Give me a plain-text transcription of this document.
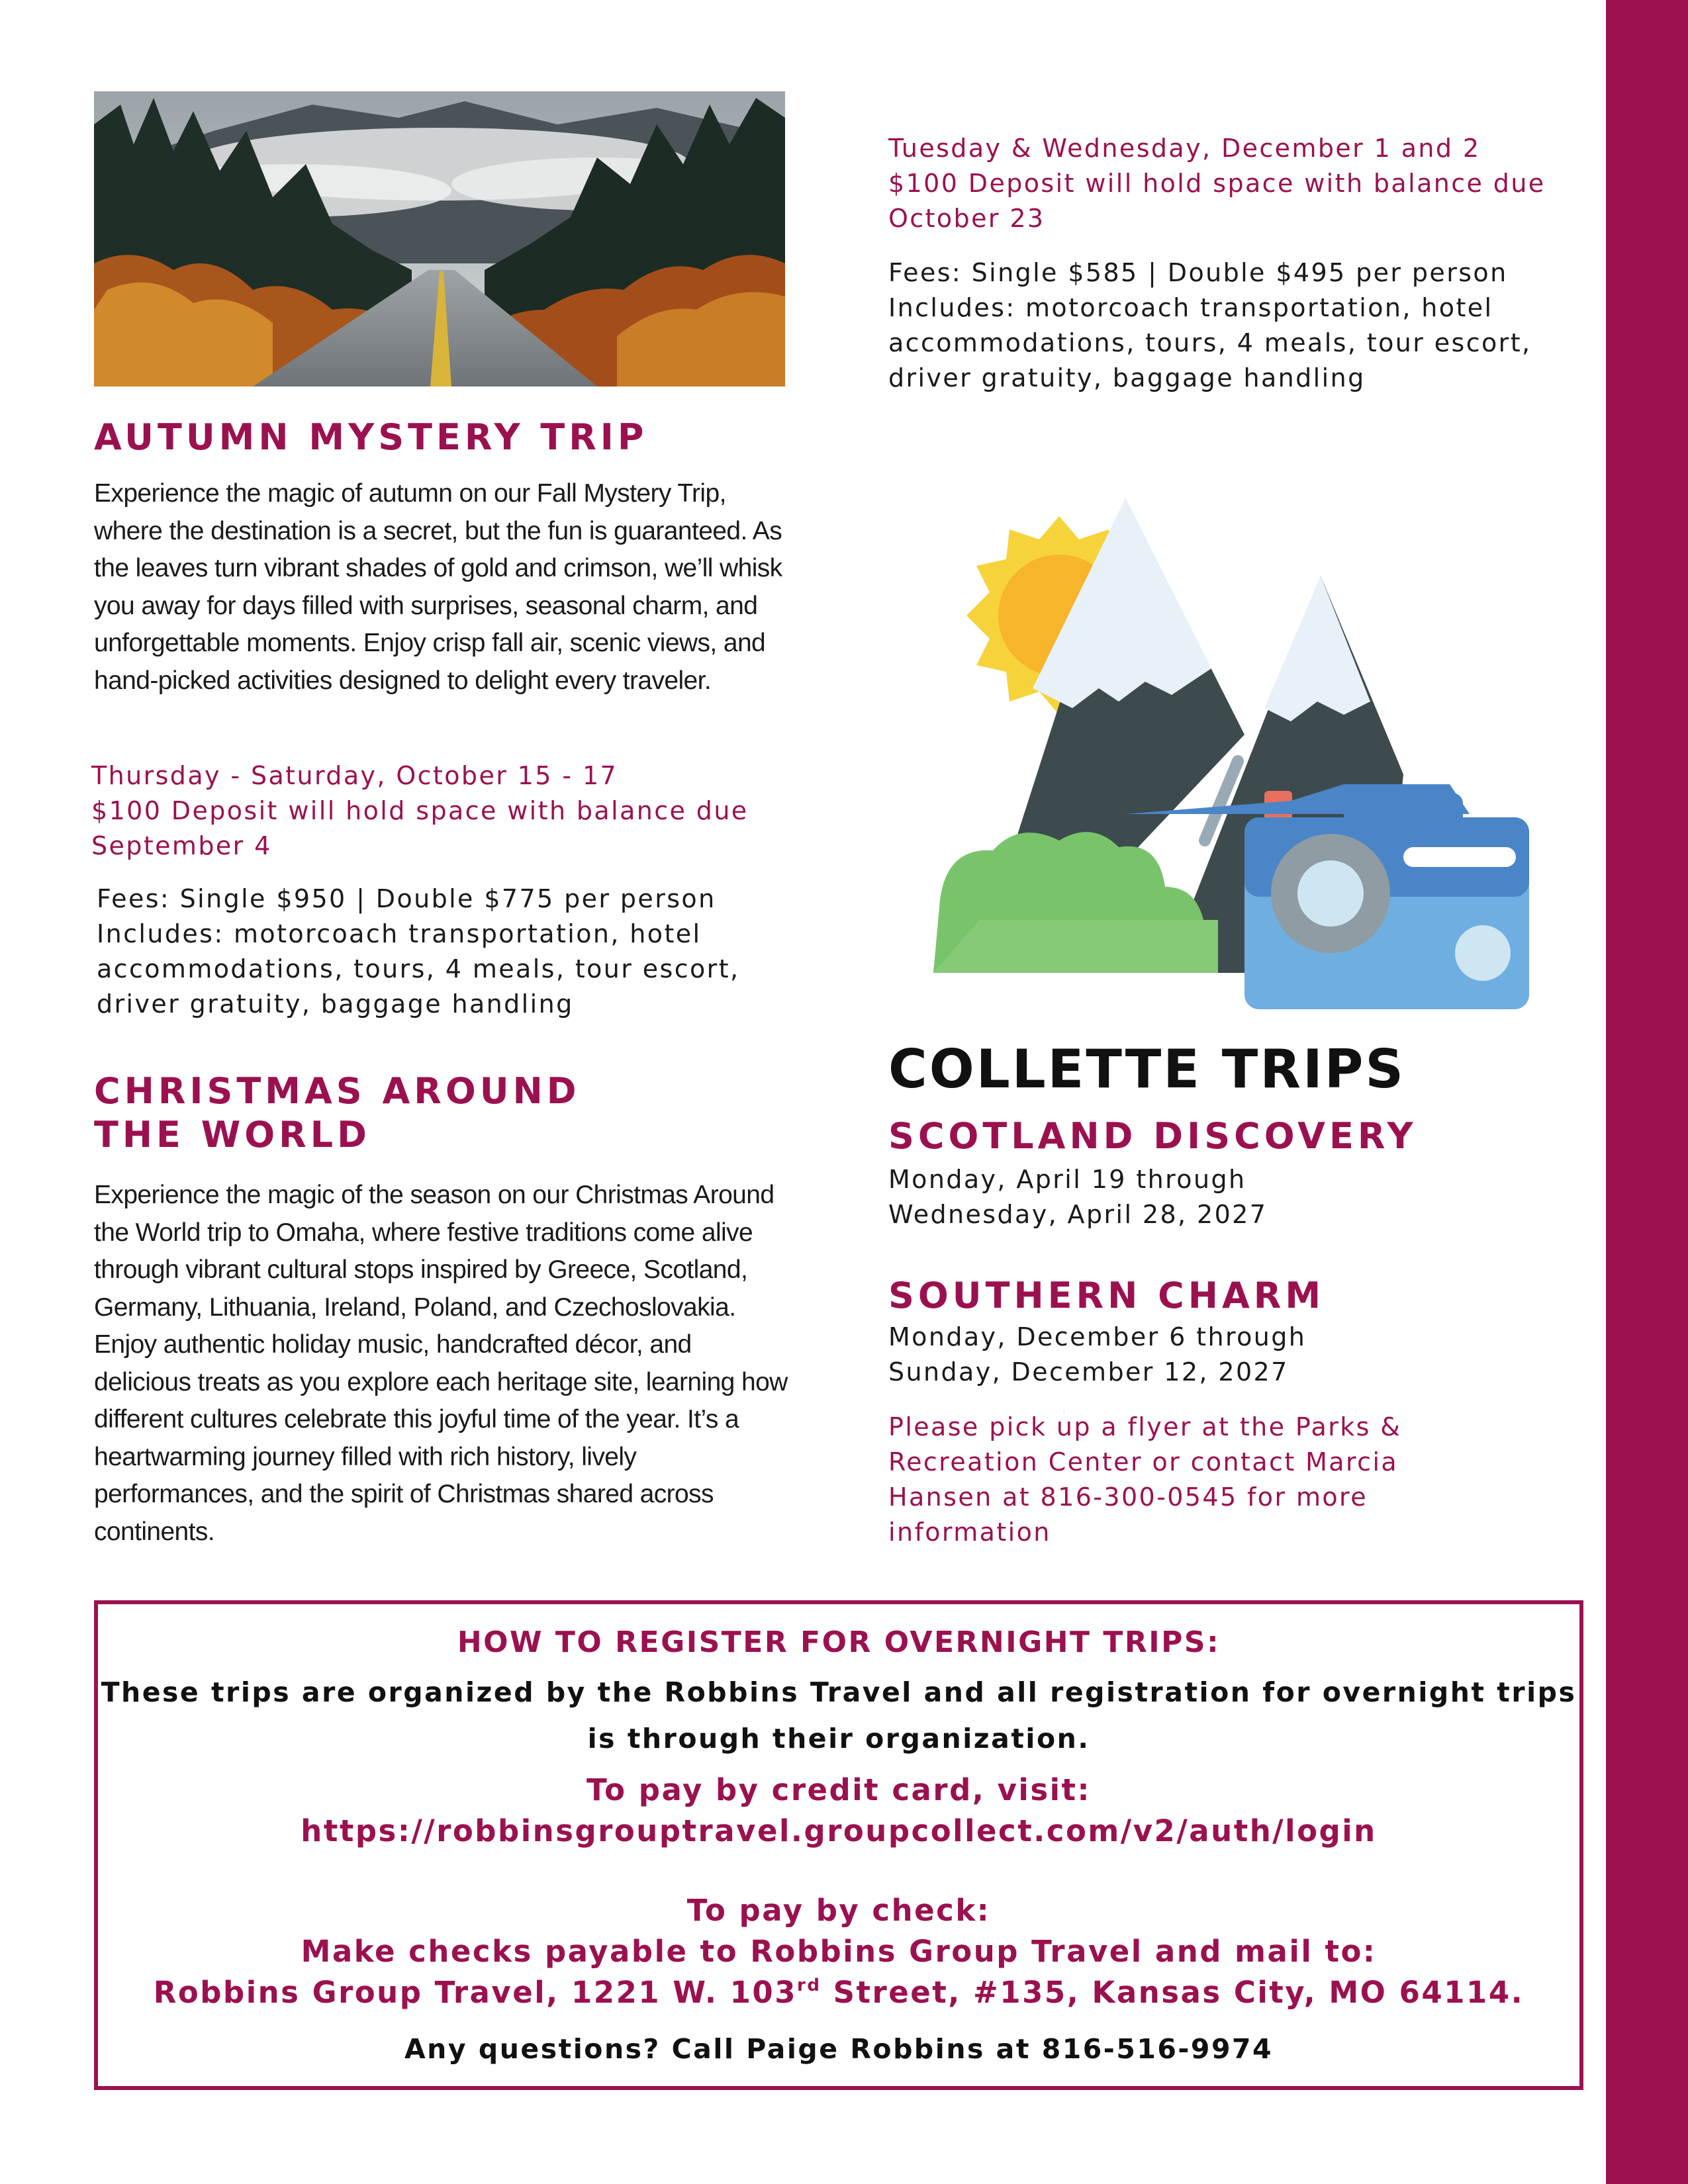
AUTUMN MYSTERY TRIP
Experience the magic of autumn on our Fall Mystery Trip, where the destination is a secret, but the fun is guaranteed. As the leaves turn vibrant shades of gold and crimson, we’ll whisk you away for days filled with surprises, seasonal charm, and unforgettable moments. Enjoy crisp fall air, scenic views, and hand-picked activities designed to delight every traveler.
Thursday - Saturday, October 15 - 17
$100 Deposit will hold space with balance due
September 4
Fees: Single $950 | Double $775 per person
Includes: motorcoach transportation, hotel
accommodations, tours, 4 meals, tour escort,
driver gratuity, baggage handling
CHRISTMAS AROUND
THE WORLD
Experience the magic of the season on our Christmas Around the World trip to Omaha, where festive traditions come alive through vibrant cultural stops inspired by Greece, Scotland, Germany, Lithuania, Ireland, Poland, and Czechoslovakia. Enjoy authentic holiday music, handcrafted décor, and delicious treats as you explore each heritage site, learning how different cultures celebrate this joyful time of the year. It’s a heartwarming journey filled with rich history, lively performances, and the spirit of Christmas shared across continents.
Tuesday & Wednesday, December 1 and 2
$100 Deposit will hold space with balance due
October 23
Fees: Single $585 | Double $495 per person
Includes: motorcoach transportation, hotel
accommodations, tours, 4 meals, tour escort,
driver gratuity, baggage handling
COLLETTE TRIPS
SCOTLAND DISCOVERY
Monday, April 19 through
Wednesday, April 28, 2027
SOUTHERN CHARM
Monday, December 6 through
Sunday, December 12, 2027
Please pick up a flyer at the Parks &
Recreation Center or contact Marcia
Hansen at 816-300-0545 for more
information
HOW TO REGISTER FOR OVERNIGHT TRIPS:
These trips are organized by the Robbins Travel and all registration for overnight trips
is through their organization.
To pay by credit card, visit:
https://robbinsgrouptravel.groupcollect.com/v2/auth/login
To pay by check:
Make checks payable to Robbins Group Travel and mail to:
Robbins Group Travel, 1221 W. 103rd Street, #135, Kansas City, MO 64114.
Any questions? Call Paige Robbins at 816-516-9974
